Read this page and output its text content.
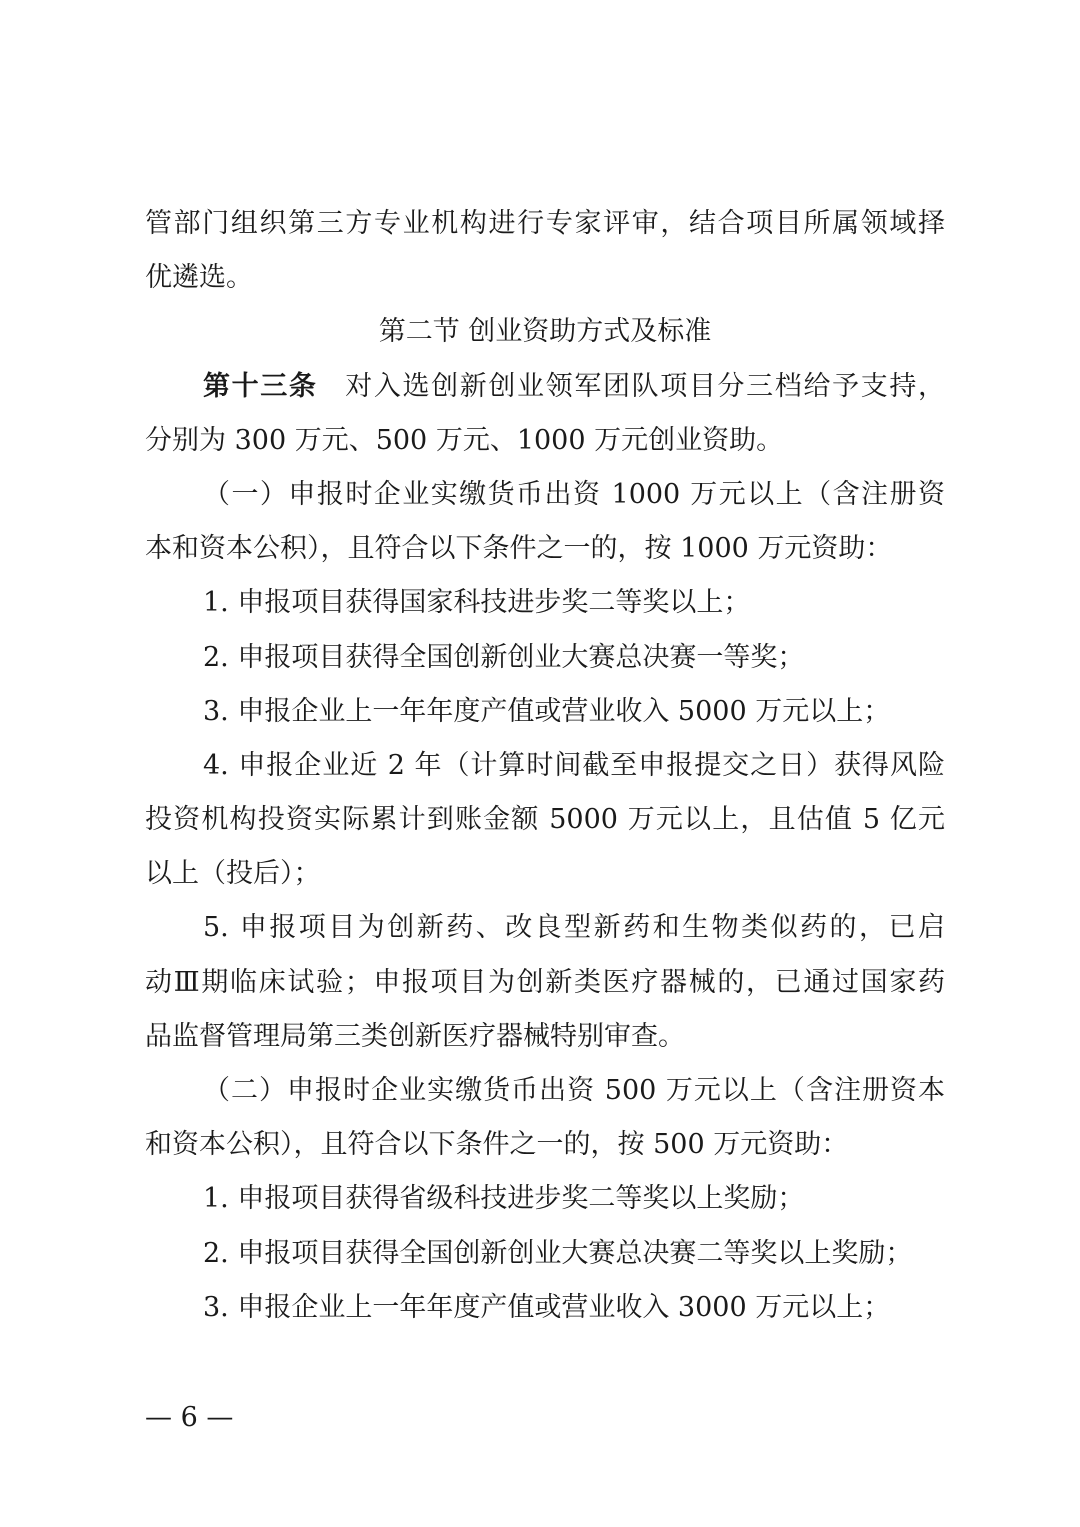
管部门组织第三方专业机构进行专家评审，结合项目所属领域择
优遴选。
第二节 创业资助方式及标准
第十三条 对入选创新创业领军团队项目分三档给予支持，
分别为 300 万元、500 万元、1000 万元创业资助。
（一）申报时企业实缴货币出资 1000 万元以上（含注册资
本和资本公积），且符合以下条件之一的，按 1000 万元资助：
1. 申报项目获得国家科技进步奖二等奖以上；
2. 申报项目获得全国创新创业大赛总决赛一等奖；
3. 申报企业上一年年度产值或营业收入 5000 万元以上；
4. 申报企业近 2 年（计算时间截至申报提交之日）获得风险
投资机构投资实际累计到账金额 5000 万元以上，且估值 5 亿元
以上（投后）；
5. 申报项目为创新药、改良型新药和生物类似药的，已启
动Ⅲ期临床试验；申报项目为创新类医疗器械的，已通过国家药
品监督管理局第三类创新医疗器械特别审查。
（二）申报时企业实缴货币出资 500 万元以上（含注册资本
和资本公积），且符合以下条件之一的，按 500 万元资助：
1. 申报项目获得省级科技进步奖二等奖以上奖励；
2. 申报项目获得全国创新创业大赛总决赛二等奖以上奖励；
3. 申报企业上一年年度产值或营业收入 3000 万元以上；
— 6 —
